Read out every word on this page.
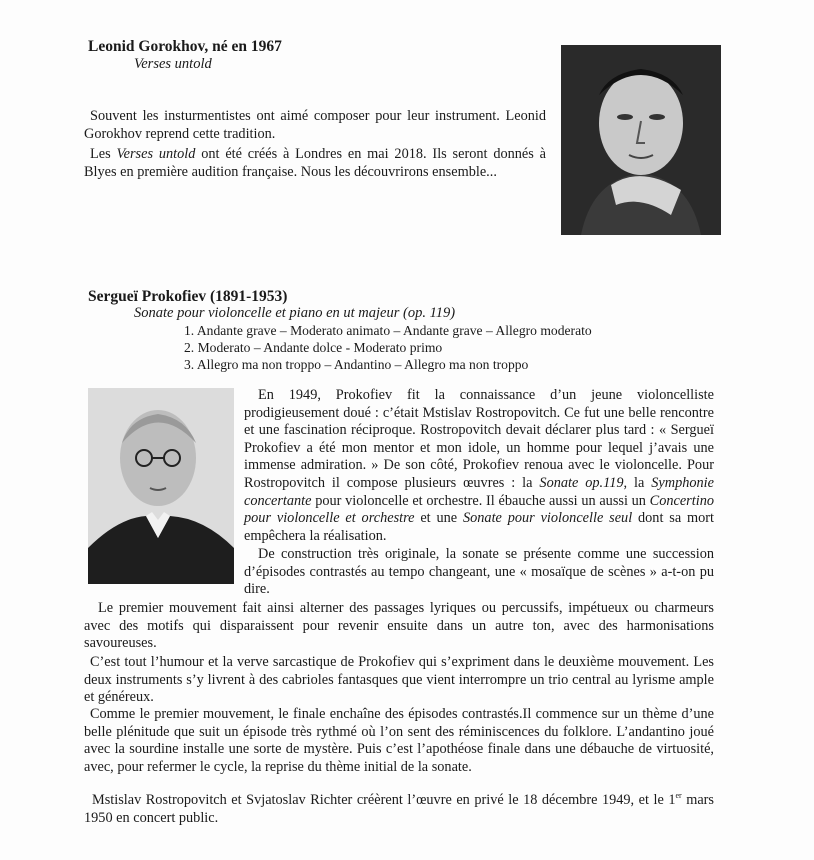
Leonid Gorokhov, né en 1967
Verses untold
Souvent les insturmentistes ont aimé composer pour leur instrument. Leonid Gorokhov reprend cette tradition.
Les Verses untold ont été créés à Londres en mai 2018. Ils seront donnés à Blyes en première audition française. Nous les découvrirons ensemble...
Sergueï Prokofiev (1891-1953)
Sonate pour violoncelle et piano en ut majeur (op. 119)
1. Andante grave – Moderato animato – Andante grave – Allegro moderato
2. Moderato – Andante dolce - Moderato primo
3. Allegro ma non troppo – Andantino – Allegro ma non troppo
En 1949, Prokofiev fit la connaissance d’un jeune violoncelliste prodigieusement doué : c’était Mstislav Rostropovitch. Ce fut une belle rencontre et une fascination réciproque. Rostropovitch devait déclarer plus tard : « Sergueï Prokofiev a été mon mentor et mon idole, un homme pour lequel j’avais une immense admiration. » De son côté, Prokofiev renoua avec le violoncelle. Pour Rostropovitch il compose plusieurs œuvres : la Sonate op.119, la Symphonie concertante pour violoncelle et orchestre. Il ébauche aussi un aussi un Concertino pour violoncelle et orchestre et une Sonate pour violoncelle seul dont sa mort empêchera la réalisation.
De construction très originale, la sonate se présente comme une succession d’épisodes contrastés au tempo changeant, une « mosaïque de scènes » a-t-on pu dire.
Le premier mouvement fait ainsi alterner des passages lyriques ou percussifs, impétueux ou charmeurs avec des motifs qui disparaissent pour revenir ensuite dans un autre ton, avec des harmonisations savoureuses.
C’est tout l’humour et la verve sarcastique de Prokofiev qui s’expriment dans le deuxième mouvement. Les deux instruments s’y livrent à des cabrioles fantasques que vient interrompre un trio central au lyrisme ample et généreux.
Comme le premier mouvement, le finale enchaîne des épisodes contrastés.Il commence sur un thème d’une belle plénitude que suit un épisode très rythmé où l’on sent des réminiscences du folklore. L’andantino joué avec la sourdine installe une sorte de mystère. Puis c’est l’apothéose finale dans une débauche de virtuosité, avec, pour refermer le cycle, la reprise du thème initial de la sonate.
Mstislav Rostropovitch et Svjatoslav Richter créèrent l’œuvre en privé le 18 décembre 1949, et le 1er mars 1950 en concert public.
